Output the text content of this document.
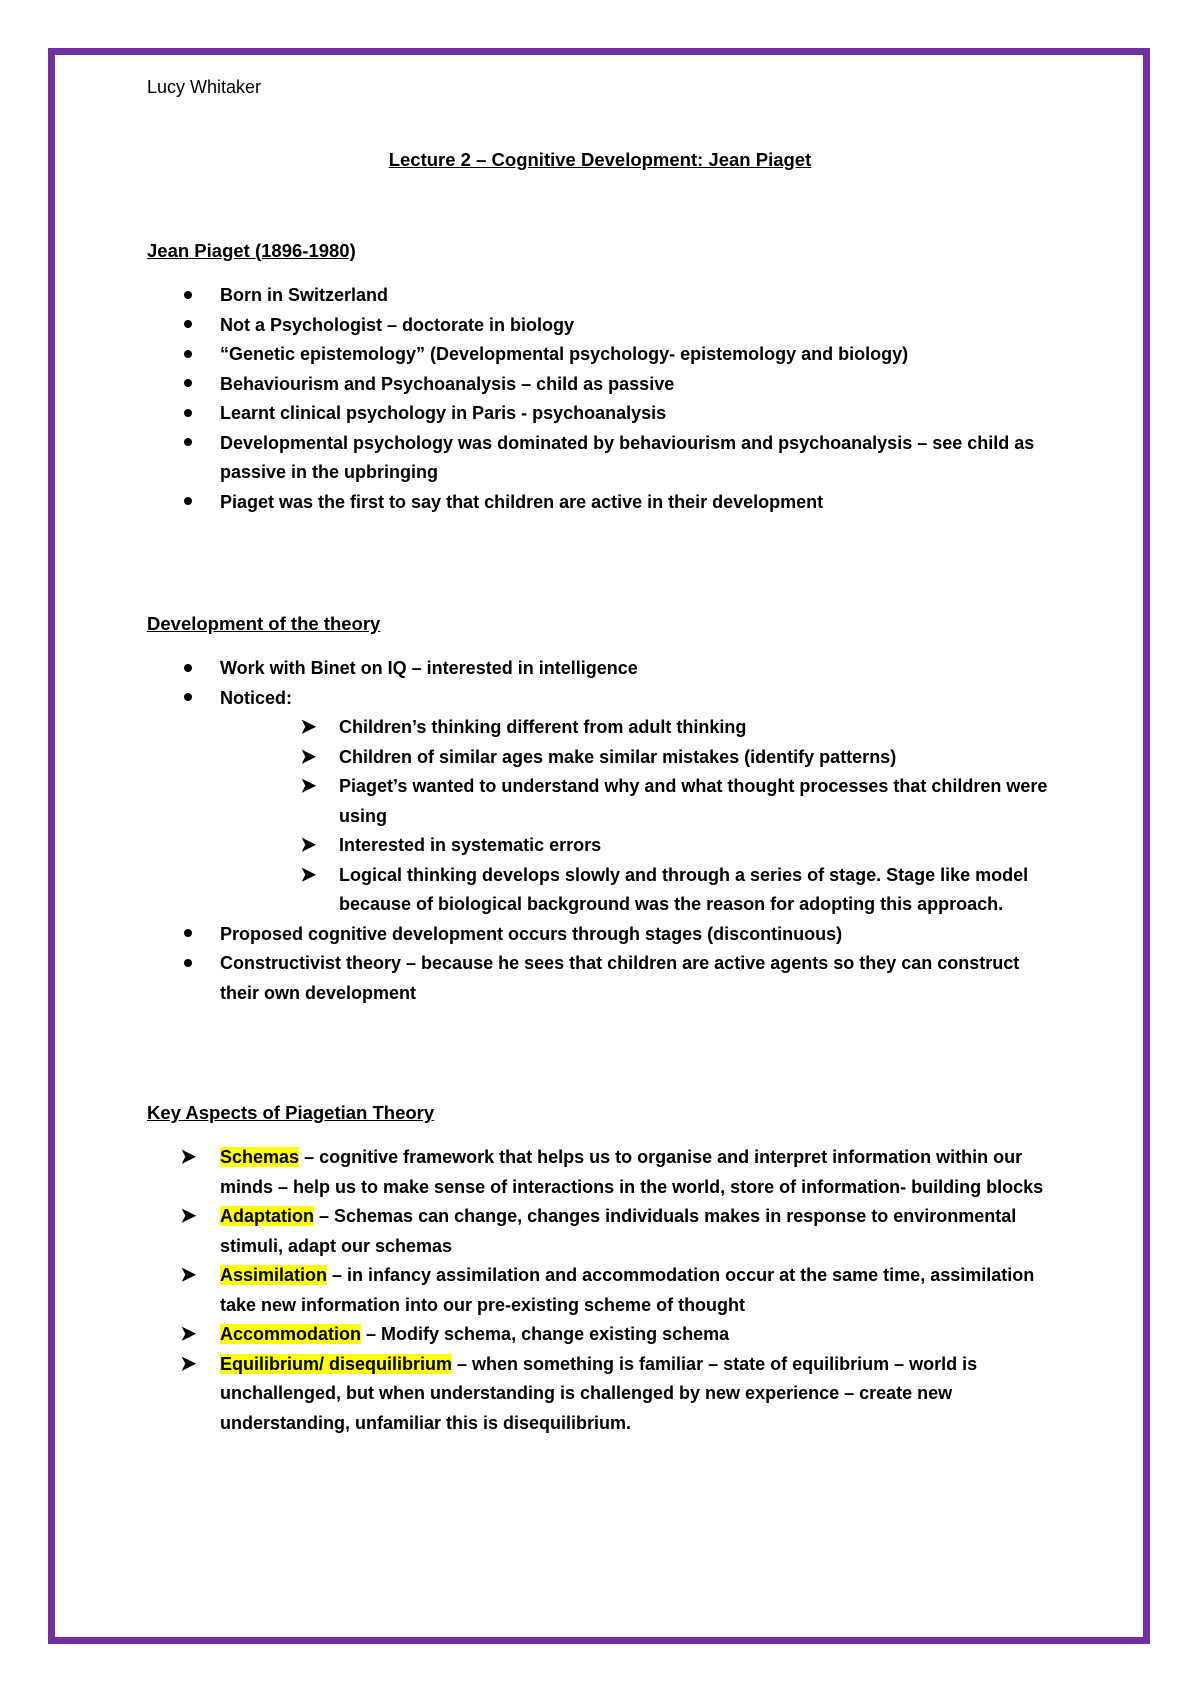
Lucy Whitaker
Lecture 2 – Cognitive Development: Jean Piaget
Jean Piaget (1896-1980)
Born in Switzerland
Not a Psychologist – doctorate in biology
“Genetic epistemology” (Developmental psychology- epistemology and biology)
Behaviourism and Psychoanalysis – child as passive
Learnt clinical psychology in Paris - psychoanalysis
Developmental psychology was dominated by behaviourism and psychoanalysis – see child as passive in the upbringing
Piaget was the first to say that children are active in their development
Development of the theory
Work with Binet on IQ – interested in intelligence
Noticed:
➤ Children’s thinking different from adult thinking
➤ Children of similar ages make similar mistakes (identify patterns)
➤ Piaget’s wanted to understand why and what thought processes that children were using
➤ Interested in systematic errors
➤ Logical thinking develops slowly and through a series of stage. Stage like model because of biological background was the reason for adopting this approach.
Proposed cognitive development occurs through stages (discontinuous)
Constructivist theory – because he sees that children are active agents so they can construct their own development
Key Aspects of Piagetian Theory
➤ Schemas – cognitive framework that helps us to organise and interpret information within our minds – help us to make sense of interactions in the world, store of information- building blocks
➤ Adaptation – Schemas can change, changes individuals makes in response to environmental stimuli, adapt our schemas
➤ Assimilation – in infancy assimilation and accommodation occur at the same time, assimilation take new information into our pre-existing scheme of thought
➤ Accommodation – Modify schema, change existing schema
➤ Equilibrium/ disequilibrium – when something is familiar – state of equilibrium – world is unchallenged, but when understanding is challenged by new experience – create new understanding, unfamiliar this is disequilibrium.
